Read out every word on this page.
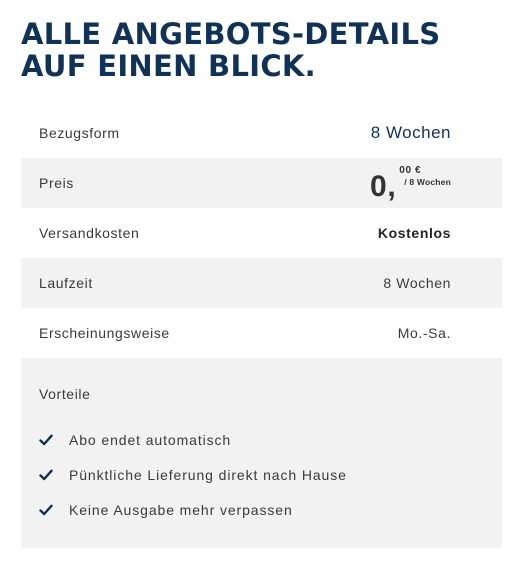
ALLE ANGEBOTS-DETAILS AUF EINEN BLICK.
Bezugsform	8 Wochen
Preis	0, 00 €
/ 8 Wochen
Versandkosten	Kostenlos
Laufzeit	8 Wochen
Erscheinungsweise	Mo.-Sa.
Vorteile
Abo endet automatisch
Pünktliche Lieferung direkt nach Hause
Keine Ausgabe mehr verpassen
